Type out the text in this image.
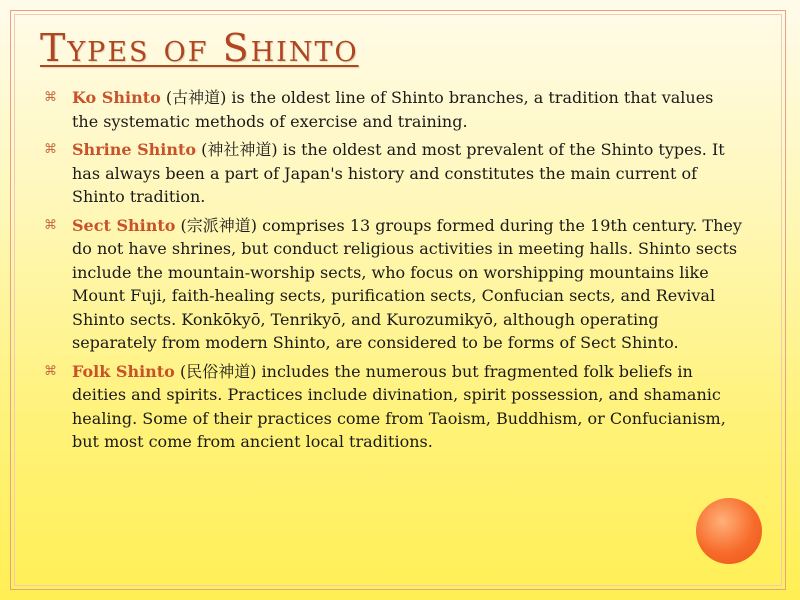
Types of Shinto
⌘ Ko Shinto (古神道) is the oldest line of Shinto branches, a tradition that values the systematic methods of exercise and training.
⌘ Shrine Shinto (神社神道) is the oldest and most prevalent of the Shinto types. It has always been a part of Japan's history and constitutes the main current of Shinto tradition.
⌘ Sect Shinto (宗派神道) comprises 13 groups formed during the 19th century. They do not have shrines, but conduct religious activities in meeting halls. Shinto sects include the mountain-worship sects, who focus on worshipping mountains like Mount Fuji, faith-healing sects, purification sects, Confucian sects, and Revival Shinto sects. Konkōkyō, Tenrikyō, and Kurozumikyō, although operating separately from modern Shinto, are considered to be forms of Sect Shinto.
⌘ Folk Shinto (民俗神道) includes the numerous but fragmented folk beliefs in deities and spirits. Practices include divination, spirit possession, and shamanic healing. Some of their practices come from Taoism, Buddhism, or Confucianism, but most come from ancient local traditions.
